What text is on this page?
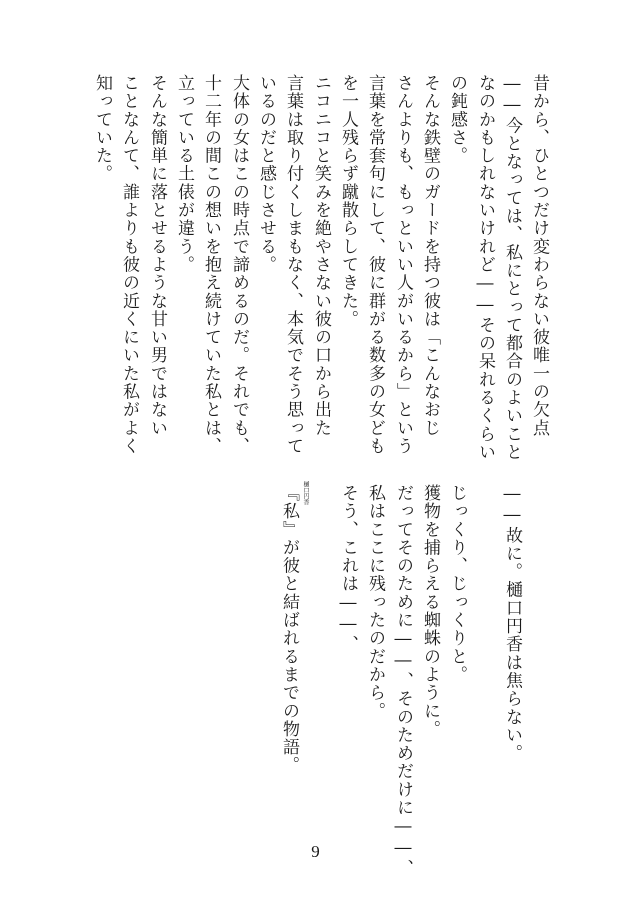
昔から、ひとつだけ変わらない彼唯一の欠点
――今となっては、私にとって都合のよいこと
なのかもしれないけれど――その呆れるくらい
の鈍感さ。
そんな鉄壁のガードを持つ彼は「こんなおじ
さんよりも、もっといい人がいるから」という
言葉を常套句にして、彼に群がる数多の女ども
を一人残らず蹴散らしてきた。
ニコニコと笑みを絶やさない彼の口から出た
言葉は取り付くしまもなく、本気でそう思って
いるのだと感じさせる。
大体の女はこの時点で諦めるのだ。それでも、
十二年の間この想いを抱え続けていた私とは、
立っている土俵が違う。
そんな簡単に落とせるような甘い男ではない
ことなんて、誰よりも彼の近くにいた私がよく
知っていた。
――故に。樋口円香は焦らない。
じっくり、じっくりと。
獲物を捕らえる蜘蛛のように。
だってそのために――、そのためだけに――、
私はここに残ったのだから。
そう、これは――、
『私』が彼と結ばれるまでの物語。 樋口円香
9
